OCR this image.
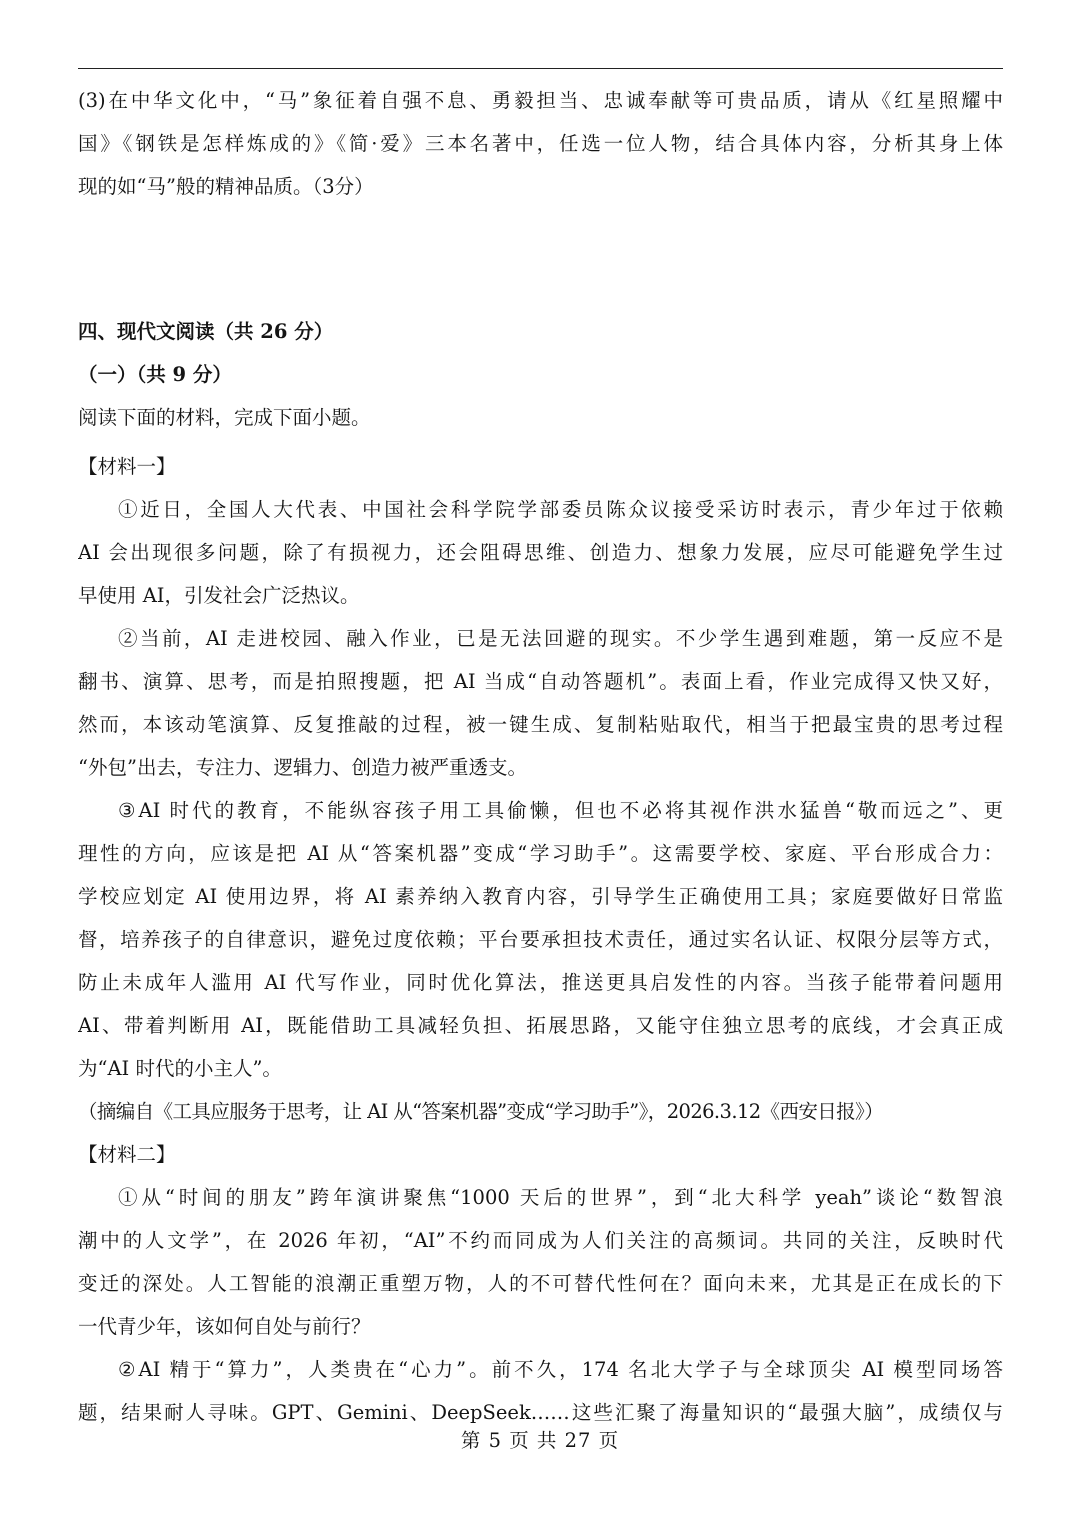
(3)在中华文化中，“马”象征着自强不息、勇毅担当、忠诚奉献等可贵品质，请从《红星照耀中
国》《钢铁是怎样炼成的》《简·爱》三本名著中，任选一位人物，结合具体内容，分析其身上体
现的如“马”般的精神品质。（3分）
四、现代文阅读（共 26 分）
（一）（共 9 分）
阅读下面的材料，完成下面小题。
【材料一】
①近日，全国人大代表、中国社会科学院学部委员陈众议接受采访时表示，青少年过于依赖
AI 会出现很多问题，除了有损视力，还会阻碍思维、创造力、想象力发展，应尽可能避免学生过
早使用 AI，引发社会广泛热议。
②当前，AI 走进校园、融入作业，已是无法回避的现实。不少学生遇到难题，第一反应不是
翻书、演算、思考，而是拍照搜题，把 AI 当成“自动答题机”。表面上看，作业完成得又快又好，
然而，本该动笔演算、反复推敲的过程，被一键生成、复制粘贴取代，相当于把最宝贵的思考过程
“外包”出去，专注力、逻辑力、创造力被严重透支。
③AI 时代的教育，不能纵容孩子用工具偷懒，但也不必将其视作洪水猛兽“敬而远之”、更
理性的方向，应该是把 AI 从“答案机器”变成“学习助手”。这需要学校、家庭、平台形成合力：
学校应划定 AI 使用边界，将 AI 素养纳入教育内容，引导学生正确使用工具；家庭要做好日常监
督，培养孩子的自律意识，避免过度依赖；平台要承担技术责任，通过实名认证、权限分层等方式，
防止未成年人滥用 AI 代写作业，同时优化算法，推送更具启发性的内容。当孩子能带着问题用
AI、带着判断用 AI，既能借助工具减轻负担、拓展思路，又能守住独立思考的底线，才会真正成
为“AI 时代的小主人”。
（摘编自《工具应服务于思考，让 AI 从“答案机器”变成“学习助手”》，2026.3.12《西安日报》）
【材料二】
①从“时间的朋友”跨年演讲聚焦“1000 天后的世界”，到“北大科学 yeah”谈论“数智浪
潮中的人文学”，在 2026 年初，“AI”不约而同成为人们关注的高频词。共同的关注，反映时代
变迁的深处。人工智能的浪潮正重塑万物，人的不可替代性何在？面向未来，尤其是正在成长的下
一代青少年，该如何自处与前行？
②AI 精于“算力”，人类贵在“心力”。前不久，174 名北大学子与全球顶尖 AI 模型同场答
题，结果耐人寻味。GPT、Gemini、DeepSeek……这些汇聚了海量知识的“最强大脑”，成绩仅与
第 5 页 共 27 页
